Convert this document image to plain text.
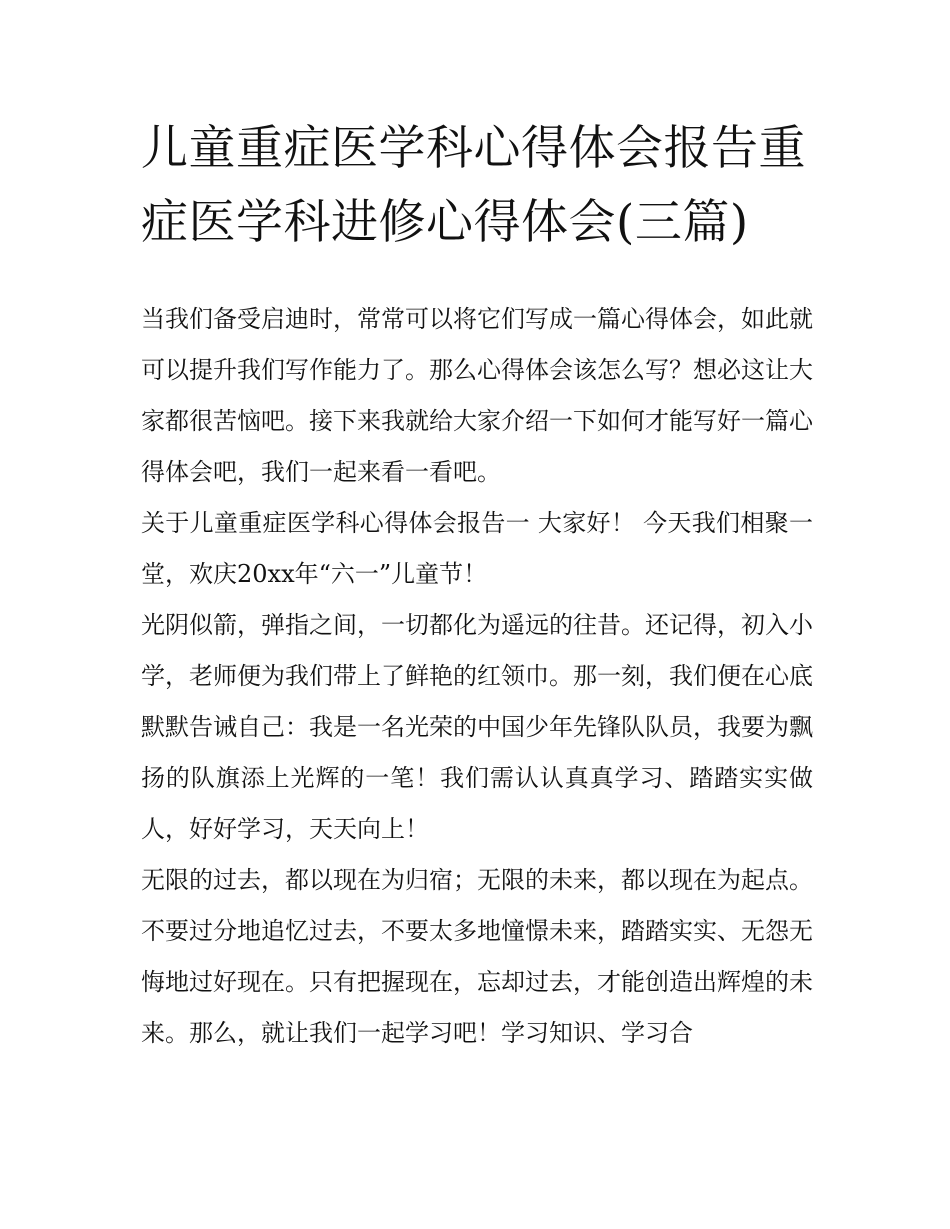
儿童重症医学科心得体会报告重症医学科进修心得体会(三篇)

当我们备受启迪时，常常可以将它们写成一篇心得体会，如此就可以提升我们写作能力了。那么心得体会该怎么写？想必这让大家都很苦恼吧。接下来我就给大家介绍一下如何才能写好一篇心得体会吧，我们一起来看一看吧。

关于儿童重症医学科心得体会报告一 大家好！ 今天我们相聚一堂，欢庆20xx年“六一”儿童节！

光阴似箭，弹指之间，一切都化为遥远的往昔。还记得，初入小学，老师便为我们带上了鲜艳的红领巾。那一刻，我们便在心底默默告诫自己：我是一名光荣的中国少年先锋队队员，我要为飘扬的队旗添上光辉的一笔！我们需认认真真学习、踏踏实实做人，好好学习，天天向上！

无限的过去，都以现在为归宿；无限的未来，都以现在为起点。不要过分地追忆过去，不要太多地憧憬未来，踏踏实实、无怨无悔地过好现在。只有把握现在，忘却过去，才能创造出辉煌的未来。那么，就让我们一起学习吧！学习知识、学习合
